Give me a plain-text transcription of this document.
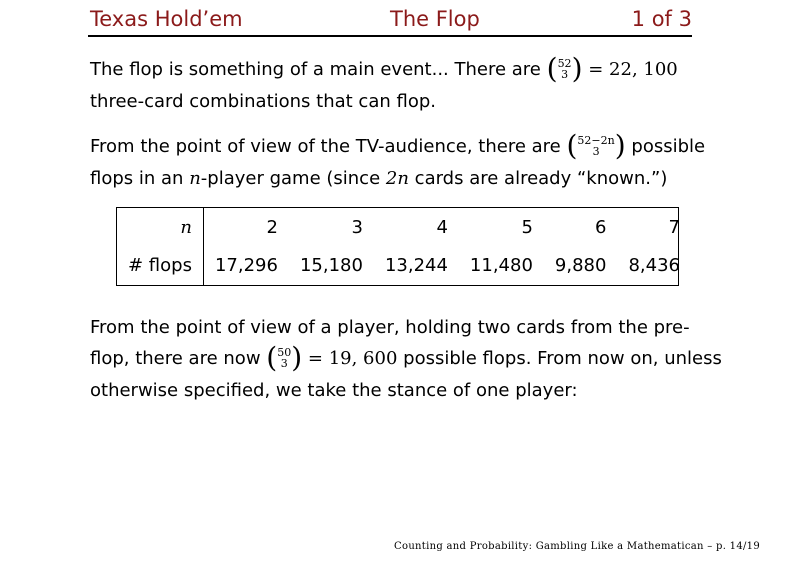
Texas Hold’em	The Flop	1 of 3
The flop is something of a main event... There are ( 52
3 ) = 22, 100
three-card combinations that can flop.
From the point of view of the TV-audience, there are ( 52−2n
3 ) possible
flops in an n-player game (since 2n cards are already “known.”)
n	2	3	4	5	6	7
# flops	17,296	15,180	13,244	11,480	9,880	8,436
From the point of view of a player, holding two cards from the pre-
flop, there are now ( 50
3 ) = 19, 600 possible flops. From now on, unless
otherwise specified, we take the stance of one player:
Counting and Probability: Gambling Like a Mathematican – p. 14/19
